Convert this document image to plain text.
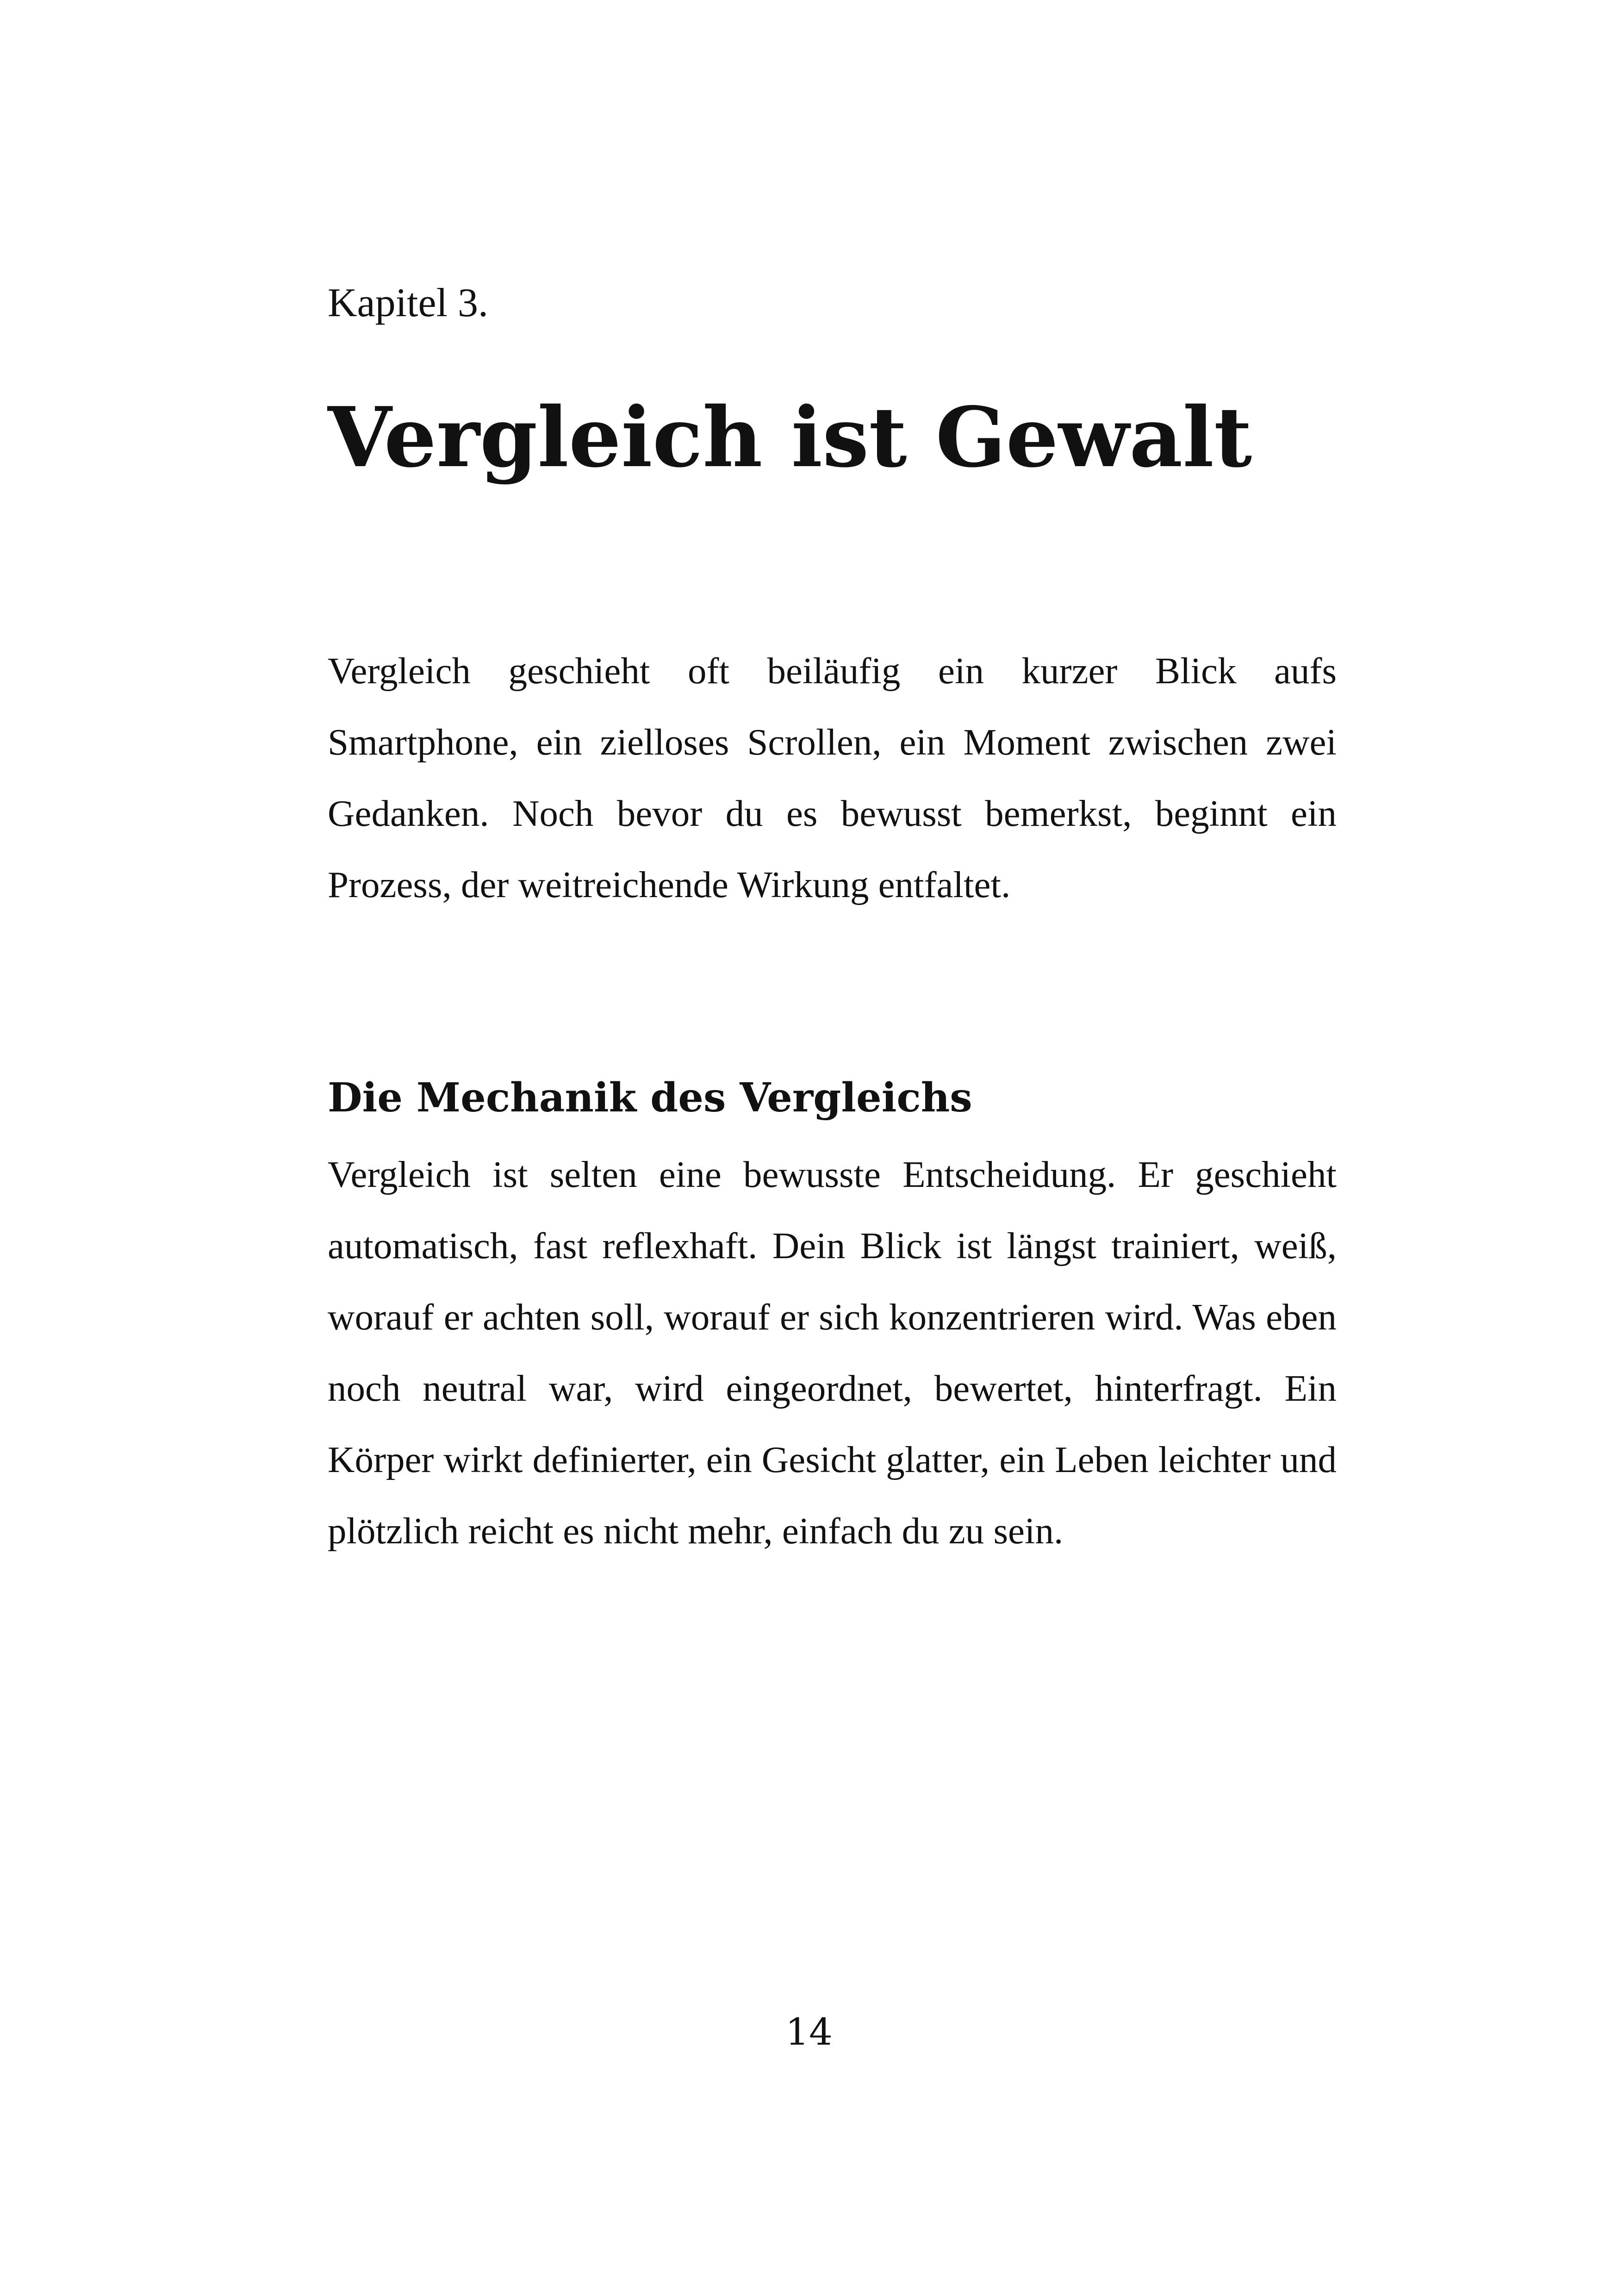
Kapitel 3.

Vergleich ist Gewalt

Vergleich geschieht oft beiläufig ein kurzer Blick aufs Smartphone, ein zielloses Scrollen, ein Moment zwischen zwei Gedanken. Noch bevor du es bewusst bemerkst, beginnt ein Prozess, der weitreichende Wirkung entfaltet.

Die Mechanik des Vergleichs

Vergleich ist selten eine bewusste Entscheidung. Er geschieht automatisch, fast reflexhaft. Dein Blick ist längst trainiert, weiß, worauf er achten soll, worauf er sich konzentrieren wird. Was eben noch neutral war, wird eingeordnet, bewertet, hinterfragt. Ein Körper wirkt definierter, ein Gesicht glatter, ein Leben leichter und plötzlich reicht es nicht mehr, einfach du zu sein.

14
